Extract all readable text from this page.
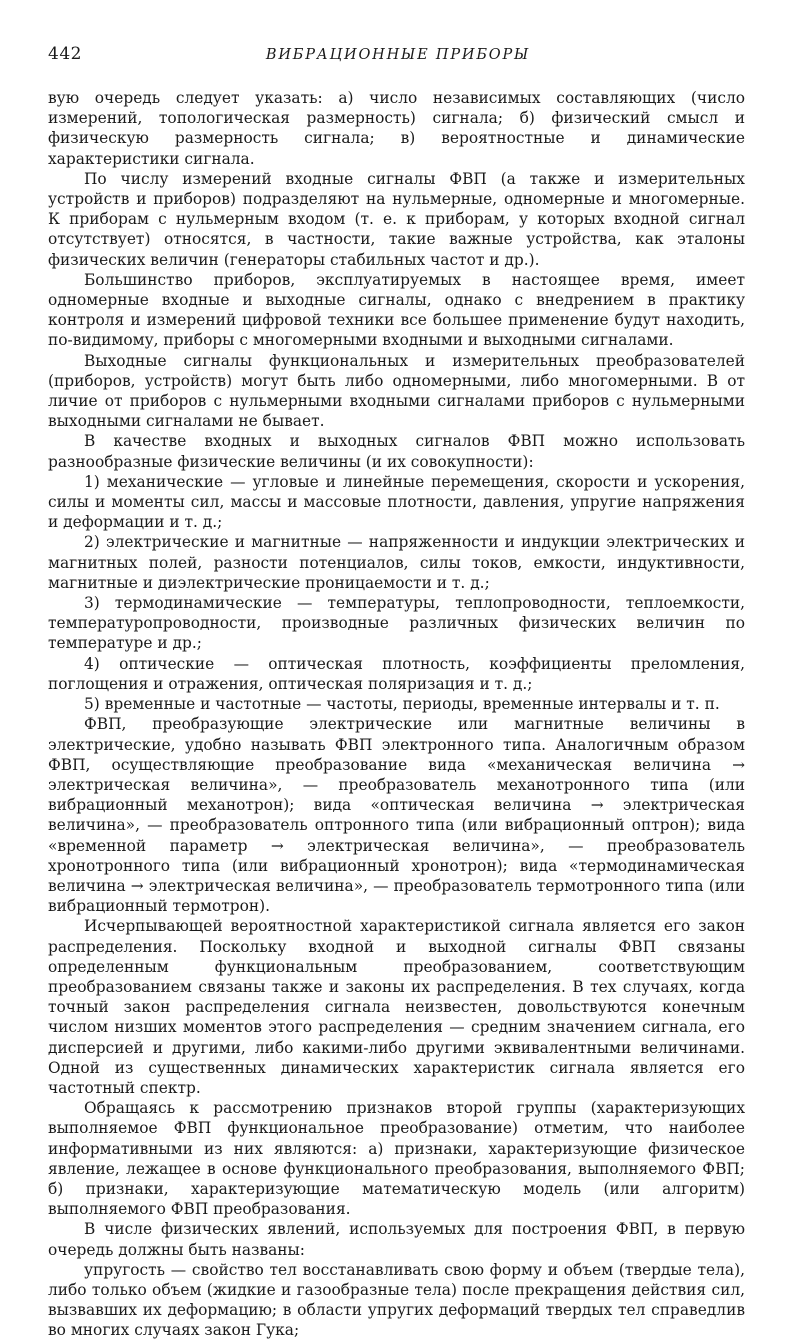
442	ВИБРАЦИОННЫЕ ПРИБОРЫ

вую очередь следует указать: а) число независимых составляющих (число измерений, топологическая размерность) сигнала; б) физический смысл и физическую размерность сигнала; в) вероятностные и динамические характеристики сигнала.

По числу измерений входные сигналы ФВП (а также и измерительных устройств и приборов) подразделяют на нульмерные, одномерные и многомерные. К приборам с нульмерным входом (т. е. к приборам, у которых входной сигнал отсутствует) относятся, в частности, такие важные устройства, как эталоны физических величин (генераторы стабильных частот и др.).

Большинство приборов, эксплуатируемых в настоящее время, имеет одномерные входные и выходные сигналы, однако с внедрением в практику контроля и измерений цифровой техники все большее применение будут находить, по-видимому, приборы с многомерными входными и выходными сигналами.

Выходные сигналы функциональных и измерительных преобразователей (приборов, устройств) могут быть либо одномерными, либо многомерными. В от личие от приборов с нульмерными входными сигналами приборов с нульмерными выходными сигналами не бывает.

В качестве входных и выходных сигналов ФВП можно использовать разнообразные физические величины (и их совокупности):

1) механические — угловые и линейные перемещения, скорости и ускорения, силы и моменты сил, массы и массовые плотности, давления, упругие напряжения и деформации и т. д.;

2) электрические и магнитные — напряженности и индукции электрических и магнитных полей, разности потенциалов, силы токов, емкости, индуктивности, магнитные и диэлектрические проницаемости и т. д.;

3) термодинамические — температуры, теплопроводности, теплоемкости, температуропроводности, производные различных физических величин по температуре и др.;

4) оптические — оптическая плотность, коэффициенты преломления, поглощения и отражения, оптическая поляризация и т. д.;

5) временные и частотные — частоты, периоды, временные интервалы и т. п.

ФВП, преобразующие электрические или магнитные величины в электрические, удобно называть ФВП электронного типа. Аналогичным образом ФВП, осуществляющие преобразование вида «механическая величина → электрическая величина», — преобразователь механотронного типа (или вибрационный механотрон); вида «оптическая величина → электрическая величина», — преобразователь оптронного типа (или вибрационный оптрон); вида «временной параметр → электрическая величина», — преобразователь хронотронного типа (или вибрационный хронотрон); вида «термодинамическая величина → электрическая величина», — преобразователь термотронного типа (или вибрационный термотрон).

Исчерпывающей вероятностной характеристикой сигнала является его закон распределения. Поскольку входной и выходной сигналы ФВП связаны определенным функциональным преобразованием, соответствующим преобразованием связаны также и законы их распределения. В тех случаях, когда точный закон распределения сигнала неизвестен, довольствуются конечным числом низших моментов этого распределения — средним значением сигнала, его дисперсией и другими, либо какими-либо другими эквивалентными величинами. Одной из существенных динамических характеристик сигнала является его частотный спектр.

Обращаясь к рассмотрению признаков второй группы (характеризующих выполняемое ФВП функциональное преобразование) отметим, что наиболее информативными из них являются: а) признаки, характеризующие физическое явление, лежащее в основе функционального преобразования, выполняемого ФВП; б) признаки, характеризующие математическую модель (или алгоритм) выполняемого ФВП преобразования.

В числе физических явлений, используемых для построения ФВП, в первую очередь должны быть названы:

упругость — свойство тел восстанавливать свою форму и объем (твердые тела), либо только объем (жидкие и газообразные тела) после прекращения действия сил, вызвавших их деформацию; в области упругих деформаций твердых тел справедлив во многих случаях закон Гука;
